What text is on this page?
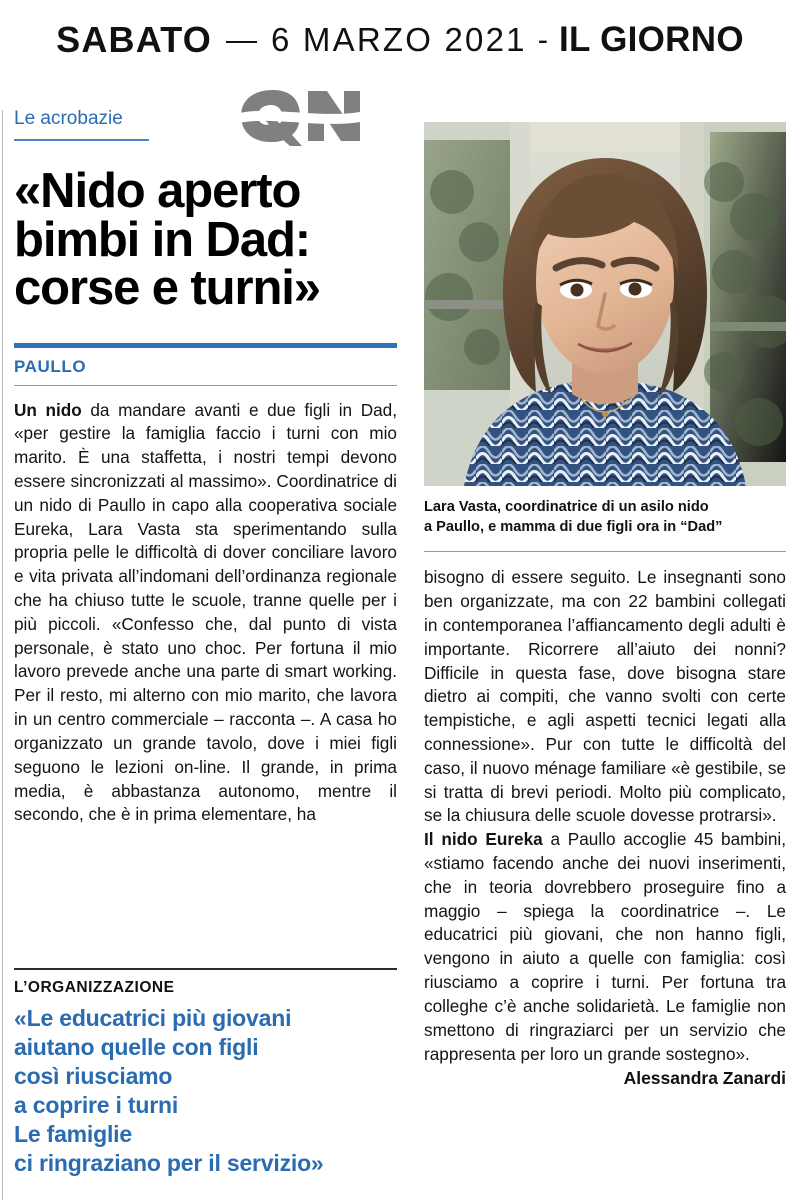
SABATO — 6 MARZO 2021 - IL GIORNO
Le acrobazie
«Nido aperto
bimbi in Dad:
corse e turni»
PAULLO

Un nido da mandare avanti e due figli in Dad, «per gestire la famiglia faccio i turni con mio marito. È una staffetta, i nostri tempi devono essere sincronizzati al massimo». Coordinatrice di un nido di Paullo in capo alla cooperativa sociale Eureka, Lara Vasta sta sperimentando sulla propria pelle le difficoltà di dover conciliare lavoro e vita privata all’indomani dell’ordinanza regionale che ha chiuso tutte le scuole, tranne quelle per i più piccoli. «Confesso che, dal punto di vista personale, è stato uno choc. Per fortuna il mio lavoro prevede anche una parte di smart working. Per il resto, mi alterno con mio marito, che lavora in un centro commerciale – racconta –. A casa ho organizzato un grande tavolo, dove i miei figli seguono le lezioni on-line. Il grande, in prima media, è abbastanza autonomo, mentre il secondo, che è in prima elementare, ha

L’ORGANIZZAZIONE
«Le educatrici più giovani
aiutano quelle con figli
così riusciamo
a coprire i turni
Le famiglie
ci ringraziano per il servizio»
Lara Vasta, coordinatrice di un asilo nido
a Paullo, e mamma di due figli ora in “Dad”

bisogno di essere seguito. Le insegnanti sono ben organizzate, ma con 22 bambini collegati in contemporanea l’affiancamento degli adulti è importante. Ricorrere all’aiuto dei nonni? Difficile in questa fase, dove bisogna stare dietro ai compiti, che vanno svolti con certe tempistiche, e agli aspetti tecnici legati alla connessione». Pur con tutte le difficoltà del caso, il nuovo ménage familiare «è gestibile, se si tratta di brevi periodi. Molto più complicato, se la chiusura delle scuole dovesse protrarsi».

Il nido Eureka a Paullo accoglie 45 bambini, «stiamo facendo anche dei nuovi inserimenti, che in teoria dovrebbero proseguire fino a maggio – spiega la coordinatrice –. Le educatrici più giovani, che non hanno figli, vengono in aiuto a quelle con famiglia: così riusciamo a coprire i turni. Per fortuna tra colleghe c’è anche solidarietà. Le famiglie non smettono di ringraziarci per un servizio che rappresenta per loro un grande sostegno».

Alessandra Zanardi
